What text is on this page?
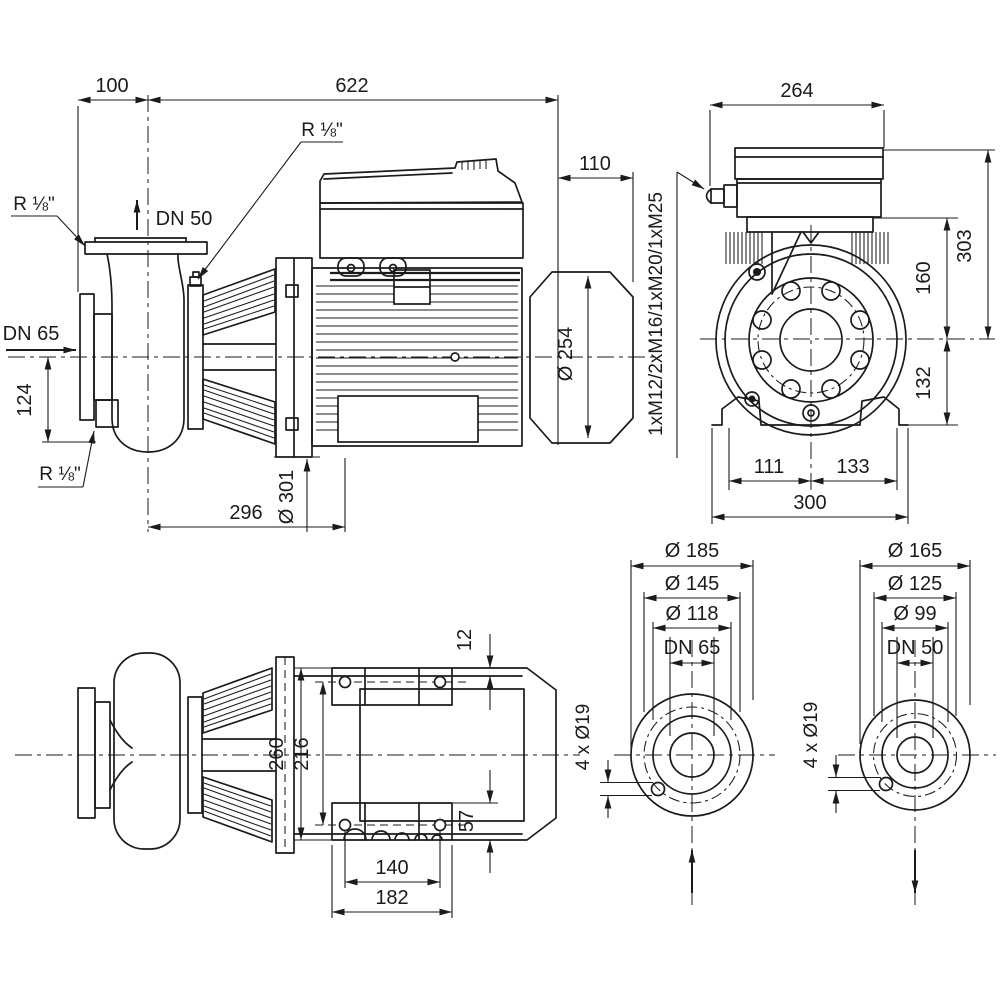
100	622
110
R ⅛"
DN 50
R ⅛"
DN 65
124
R ⅛"
296 Ø 301
Ø 254	1xM12/2xM16/1xM20/1xM25
264
303
160
132
111	133
300
12
260 216
57
140
182
Ø 185
Ø 145
Ø 118
DN 65
4 x Ø19
Ø 165
Ø 125
Ø 99
DN 50
4 x Ø19
